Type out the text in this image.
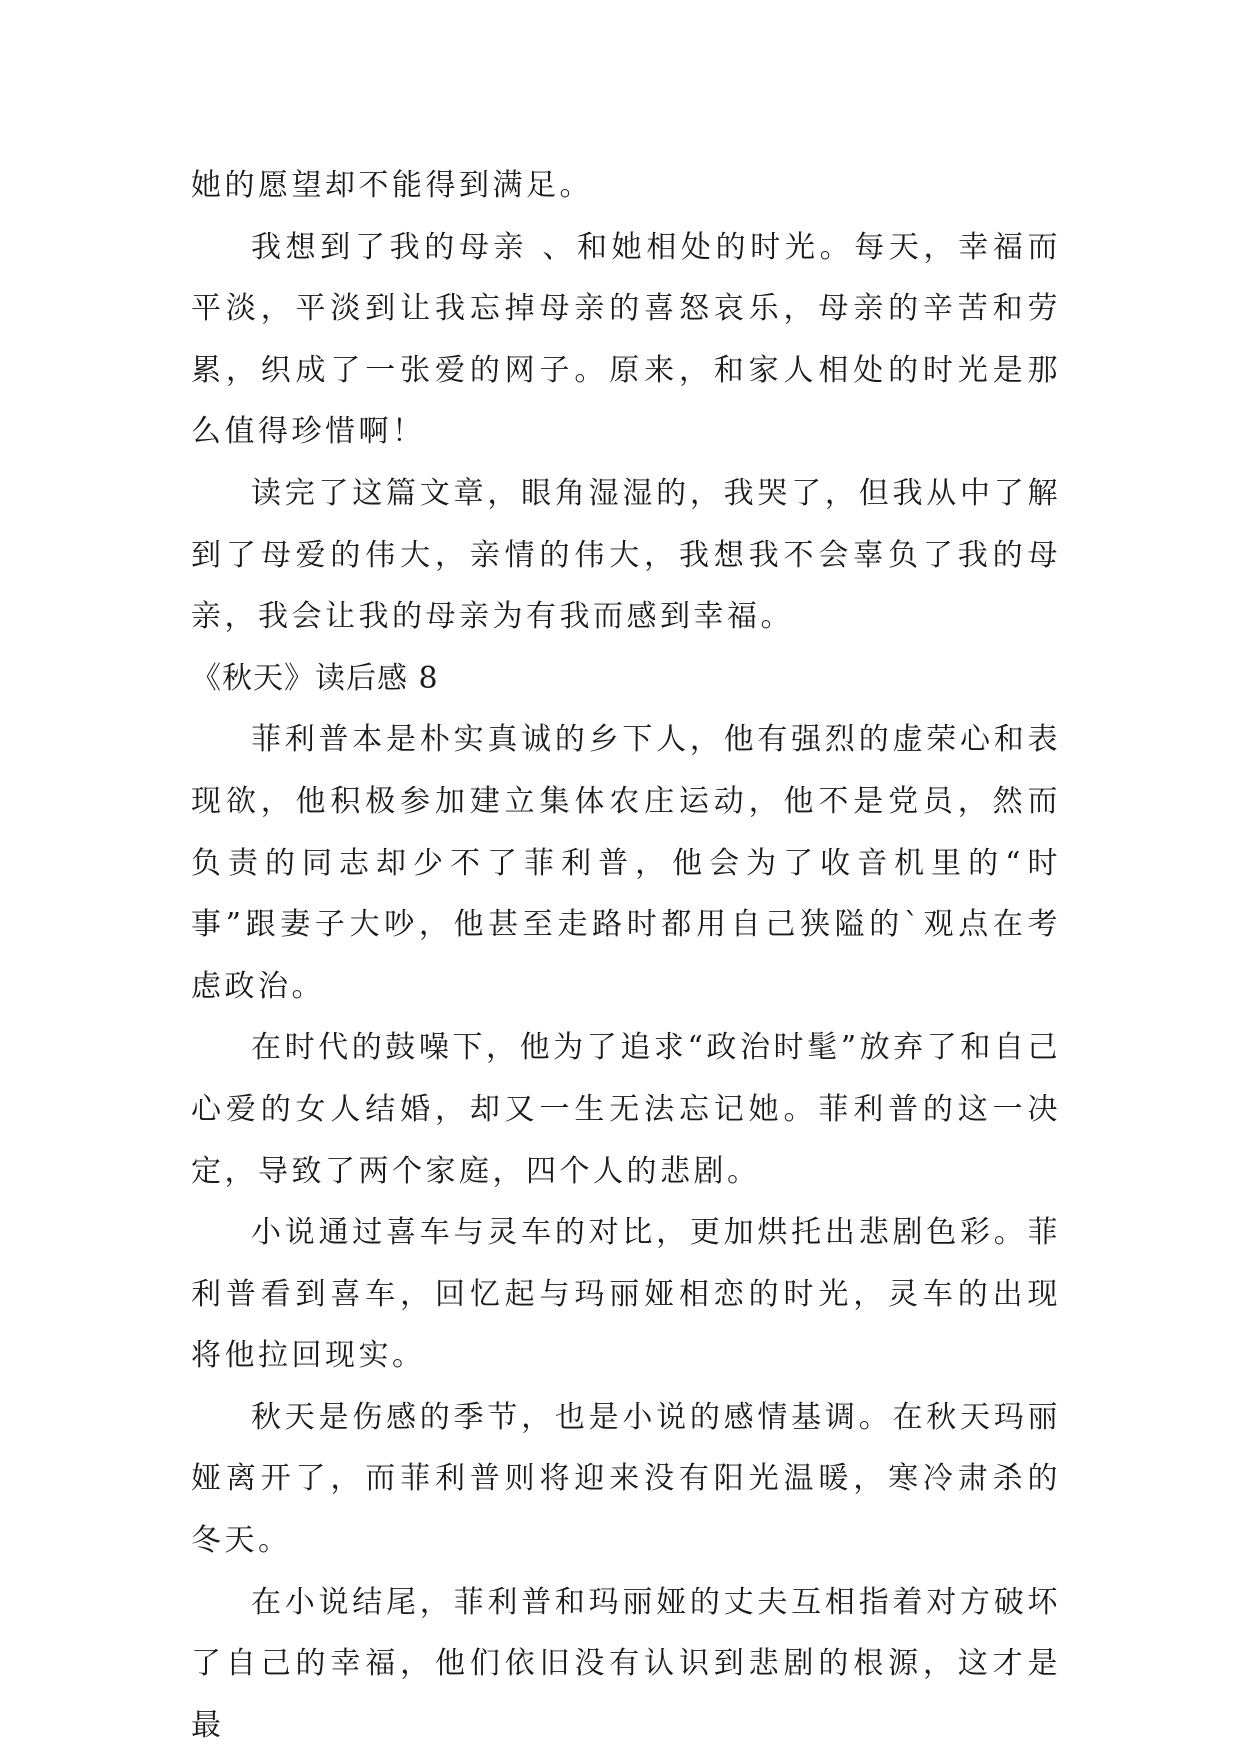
她的愿望却不能得到满足。

我想到了我的母亲 、和她相处的时光。每天，幸福而平淡，平淡到让我忘掉母亲的喜怒哀乐，母亲的辛苦和劳累，织成了一张爱的网子。原来，和家人相处的时光是那么值得珍惜啊！

读完了这篇文章，眼角湿湿的，我哭了，但我从中了解到了母爱的伟大，亲情的伟大，我想我不会辜负了我的母亲，我会让我的母亲为有我而感到幸福。

《秋天》读后感 8

菲利普本是朴实真诚的乡下人，他有强烈的虚荣心和表现欲，他积极参加建立集体农庄运动，他不是党员，然而负责的同志却少不了菲利普，他会为了收音机里的“时事”跟妻子大吵，他甚至走路时都用自己狭隘的`观点在考虑政治。

在时代的鼓噪下，他为了追求“政治时髦”放弃了和自己心爱的女人结婚，却又一生无法忘记她。菲利普的这一决定，导致了两个家庭，四个人的悲剧。

小说通过喜车与灵车的对比，更加烘托出悲剧色彩。菲利普看到喜车，回忆起与玛丽娅相恋的时光，灵车的出现将他拉回现实。

秋天是伤感的季节，也是小说的感情基调。在秋天玛丽娅离开了，而菲利普则将迎来没有阳光温暖，寒冷肃杀的冬天。

在小说结尾，菲利普和玛丽娅的丈夫互相指着对方破坏了自己的幸福，他们依旧没有认识到悲剧的根源，这才是最
